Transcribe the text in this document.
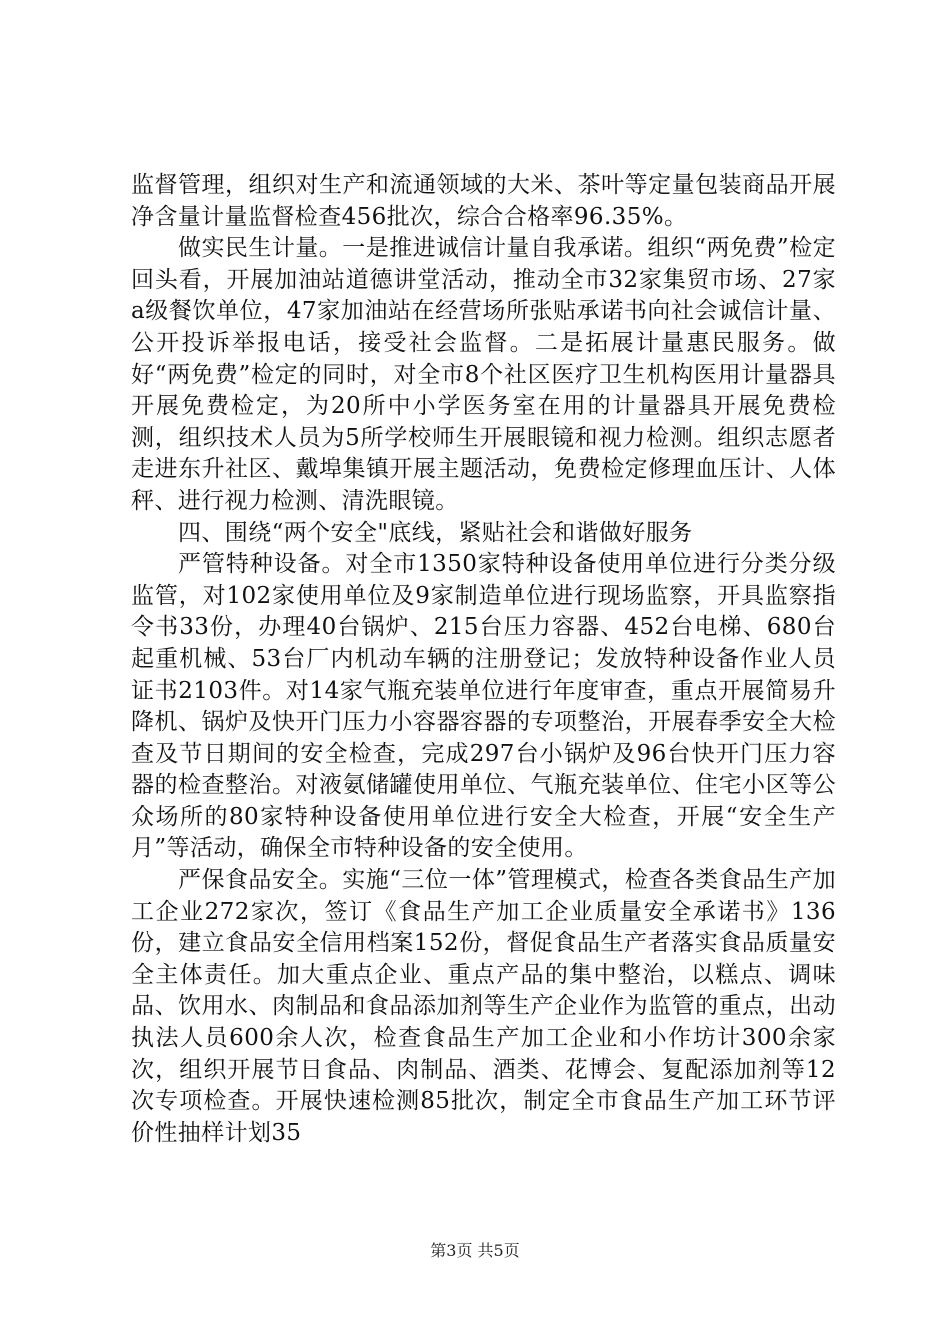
监督管理，组织对生产和流通领域的大米、茶叶等定量包装商品开展净含量计量监督检查456批次，综合合格率96.35%。

做实民生计量。一是推进诚信计量自我承诺。组织“两免费”检定回头看，开展加油站道德讲堂活动，推动全市32家集贸市场、27家a级餐饮单位，47家加油站在经营场所张贴承诺书向社会诚信计量、公开投诉举报电话，接受社会监督。二是拓展计量惠民服务。做好“两免费”检定的同时，对全市8个社区医疗卫生机构医用计量器具开展免费检定，为20所中小学医务室在用的计量器具开展免费检测，组织技术人员为5所学校师生开展眼镜和视力检测。组织志愿者走进东升社区、戴埠集镇开展主题活动，免费检定修理血压计、人体秤、进行视力检测、清洗眼镜。

四、围绕“两个安全"底线，紧贴社会和谐做好服务

严管特种设备。对全市1350家特种设备使用单位进行分类分级监管，对102家使用单位及9家制造单位进行现场监察，开具监察指令书33份，办理40台锅炉、215台压力容器、452台电梯、680台起重机械、53台厂内机动车辆的注册登记；发放特种设备作业人员证书2103件。对14家气瓶充装单位进行年度审查，重点开展简易升降机、锅炉及快开门压力小容器容器的专项整治，开展春季安全大检查及节日期间的安全检查，完成297台小锅炉及96台快开门压力容器的检查整治。对液氨储罐使用单位、气瓶充装单位、住宅小区等公众场所的80家特种设备使用单位进行安全大检查，开展“安全生产月”等活动，确保全市特种设备的安全使用。

严保食品安全。实施“三位一体”管理模式，检查各类食品生产加工企业272家次，签订《食品生产加工企业质量安全承诺书》136份，建立食品安全信用档案152份，督促食品生产者落实食品质量安全主体责任。加大重点企业、重点产品的集中整治，以糕点、调味品、饮用水、肉制品和食品添加剂等生产企业作为监管的重点，出动执法人员600余人次，检查食品生产加工企业和小作坊计300余家次，组织开展节日食品、肉制品、酒类、花博会、复配添加剂等12次专项检查。开展快速检测85批次，制定全市食品生产加工环节评价性抽样计划35

第3页 共5页
